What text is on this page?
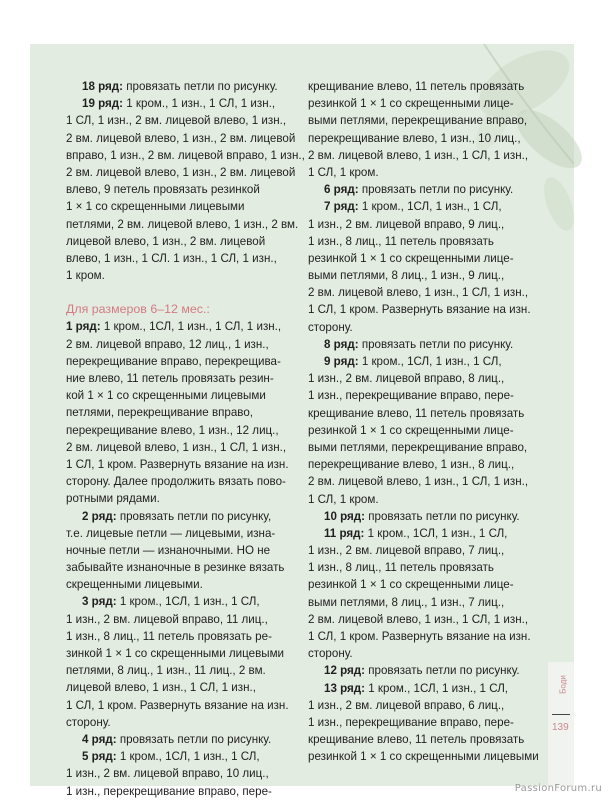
18 ряд: провязать петли по рисунку.
19 ряд: 1 кром., 1 изн., 1 СЛ, 1 изн.,
1 СЛ, 1 изн., 2 вм. лицевой влево, 1 изн.,
2 вм. лицевой влево, 1 изн., 2 вм. лицевой
вправо, 1 изн., 2 вм. лицевой вправо, 1 изн.,
2 вм. лицевой влево, 1 изн., 2 вм. лицевой
влево, 9 петель провязать резинкой
1 × 1 со скрещенными лицевыми
петлями, 2 вм. лицевой влево, 1 изн., 2 вм.
лицевой влево, 1 изн., 2 вм. лицевой
влево, 1 изн., 1 СЛ. 1 изн., 1 СЛ, 1 изн.,
1 кром.
Для размеров 6–12 мес.:
1 ряд: 1 кром., 1СЛ, 1 изн., 1 СЛ, 1 изн.,
2 вм. лицевой вправо, 12 лиц., 1 изн.,
перекрещивание вправо, перекрещива-
ние влево, 11 петель провязать резин-
кой 1 × 1 со скрещенными лицевыми
петлями, перекрещивание вправо,
перекрещивание влево, 1 изн., 12 лиц.,
2 вм. лицевой влево, 1 изн., 1 СЛ, 1 изн.,
1 СЛ, 1 кром. Развернуть вязание на изн.
сторону. Далее продолжить вязать пово-
ротными рядами.
2 ряд: провязать петли по рисунку,
т.е. лицевые петли — лицевыми, изна-
ночные петли — изнаночными. НО не
забывайте изнаночные в резинке вязать
скрещенными лицевыми.
3 ряд: 1 кром., 1СЛ, 1 изн., 1 СЛ,
1 изн., 2 вм. лицевой вправо, 11 лиц.,
1 изн., 8 лиц., 11 петель провязать ре-
зинкой 1 × 1 со скрещенными лицевыми
петлями, 8 лиц., 1 изн., 11 лиц., 2 вм.
лицевой влево, 1 изн., 1 СЛ, 1 изн.,
1 СЛ, 1 кром. Развернуть вязание на изн.
сторону.
4 ряд: провязать петли по рисунку.
5 ряд: 1 кром., 1СЛ, 1 изн., 1 СЛ,
1 изн., 2 вм. лицевой вправо, 10 лиц.,
1 изн., перекрещивание вправо, пере-
крещивание влево, 11 петель провязать
резинкой 1 × 1 со скрещенными лице-
выми петлями, перекрещивание вправо,
перекрещивание влево, 1 изн., 10 лиц.,
2 вм. лицевой влево, 1 изн., 1 СЛ, 1 изн.,
1 СЛ, 1 кром.
6 ряд: провязать петли по рисунку.
7 ряд: 1 кром., 1СЛ, 1 изн., 1 СЛ,
1 изн., 2 вм. лицевой вправо, 9 лиц.,
1 изн., 8 лиц., 11 петель провязать
резинкой 1 × 1 со скрещенными лице-
выми петлями, 8 лиц., 1 изн., 9 лиц.,
2 вм. лицевой влево, 1 изн., 1 СЛ, 1 изн.,
1 СЛ, 1 кром. Развернуть вязание на изн.
сторону.
8 ряд: провязать петли по рисунку.
9 ряд: 1 кром., 1СЛ, 1 изн., 1 СЛ,
1 изн., 2 вм. лицевой вправо, 8 лиц.,
1 изн., перекрещивание вправо, пере-
крещивание влево, 11 петель провязать
резинкой 1 × 1 со скрещенными лице-
выми петлями, перекрещивание вправо,
перекрещивание влево, 1 изн., 8 лиц.,
2 вм. лицевой влево, 1 изн., 1 СЛ, 1 изн.,
1 СЛ, 1 кром.
10 ряд: провязать петли по рисунку.
11 ряд: 1 кром., 1СЛ, 1 изн., 1 СЛ,
1 изн., 2 вм. лицевой вправо, 7 лиц.,
1 изн., 8 лиц., 11 петель провязать
резинкой 1 × 1 со скрещенными лице-
выми петлями, 8 лиц., 1 изн., 7 лиц.,
2 вм. лицевой влево, 1 изн., 1 СЛ, 1 изн.,
1 СЛ, 1 кром. Развернуть вязание на изн.
сторону.
12 ряд: провязать петли по рисунку.
13 ряд: 1 кром., 1СЛ, 1 изн., 1 СЛ,
1 изн., 2 вм. лицевой вправо, 6 лиц.,
1 изн., перекрещивание вправо, пере-
крещивание влево, 11 петель провязать
резинкой 1 × 1 со скрещенными лицевыми
Боди
139
PassionForum.ru
